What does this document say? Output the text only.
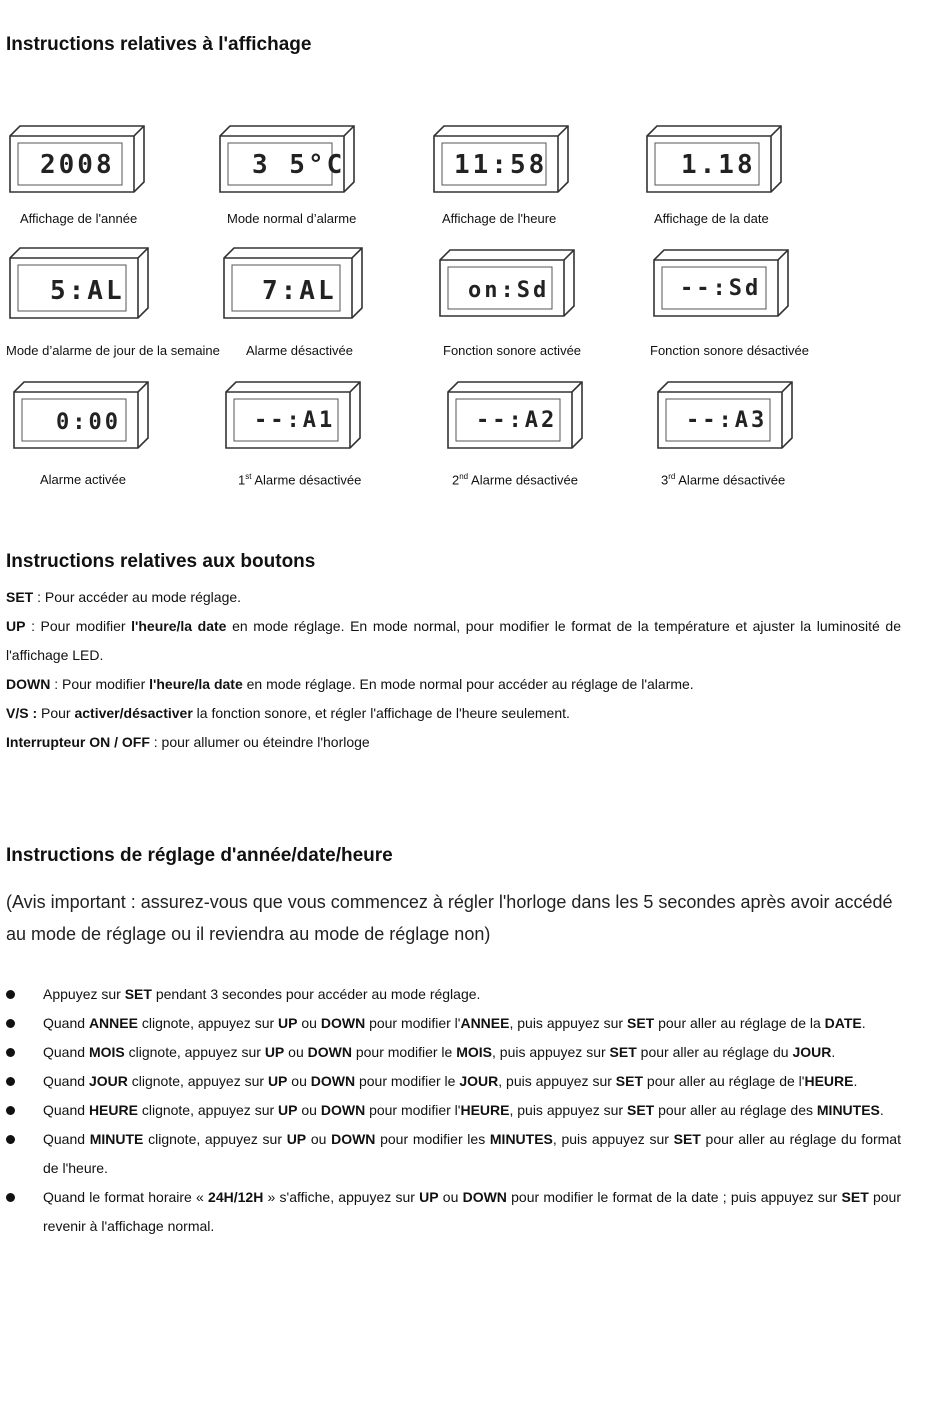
Instructions relatives à l'affichage
2008
Affichage de l'année
3 5°C
Mode normal d’alarme
11:58
Affichage de l'heure
1.18
Affichage de la date
5:AL
Mode d’alarme de jour de la semaine
7:AL
Alarme désactivée
on:Sd
Fonction sonore activée
--:Sd
Fonction sonore désactivée
0:00
Alarme activée
--:A1
1st Alarme désactivée
--:A2
2nd Alarme désactivée
--:A3
3rd Alarme désactivée
Instructions relatives aux boutons
SET : Pour accéder au mode réglage.
UP : Pour modifier l'heure/la date en mode réglage. En mode normal, pour modifier le format de la température et ajuster la luminosité de l'affichage LED.
DOWN : Pour modifier l'heure/la date en mode réglage. En mode normal pour accéder au réglage de l'alarme.
V/S : Pour activer/désactiver la fonction sonore, et régler l'affichage de l'heure seulement.
Interrupteur ON / OFF : pour allumer ou éteindre l'horloge
Instructions de réglage d'année/date/heure
(Avis important : assurez-vous que vous commencez à régler l'horloge dans les 5 secondes après avoir accédé au mode de réglage ou il reviendra au mode de réglage non)
Appuyez sur SET pendant 3 secondes pour accéder au mode réglage.
Quand ANNEE clignote, appuyez sur UP ou DOWN pour modifier l'ANNEE, puis appuyez sur SET pour aller au réglage de la DATE.
Quand MOIS clignote, appuyez sur UP ou DOWN pour modifier le MOIS, puis appuyez sur SET pour aller au réglage du JOUR.
Quand JOUR clignote, appuyez sur UP ou DOWN pour modifier le JOUR, puis appuyez sur SET pour aller au réglage de l'HEURE.
Quand HEURE clignote, appuyez sur UP ou DOWN pour modifier l'HEURE, puis appuyez sur SET pour aller au réglage des MINUTES.
Quand MINUTE clignote, appuyez sur UP ou DOWN pour modifier les MINUTES, puis appuyez sur SET pour aller au réglage du format de l'heure.
Quand le format horaire « 24H/12H » s'affiche, appuyez sur UP ou DOWN pour modifier le format de la date ; puis appuyez sur SET pour revenir à l'affichage normal.
